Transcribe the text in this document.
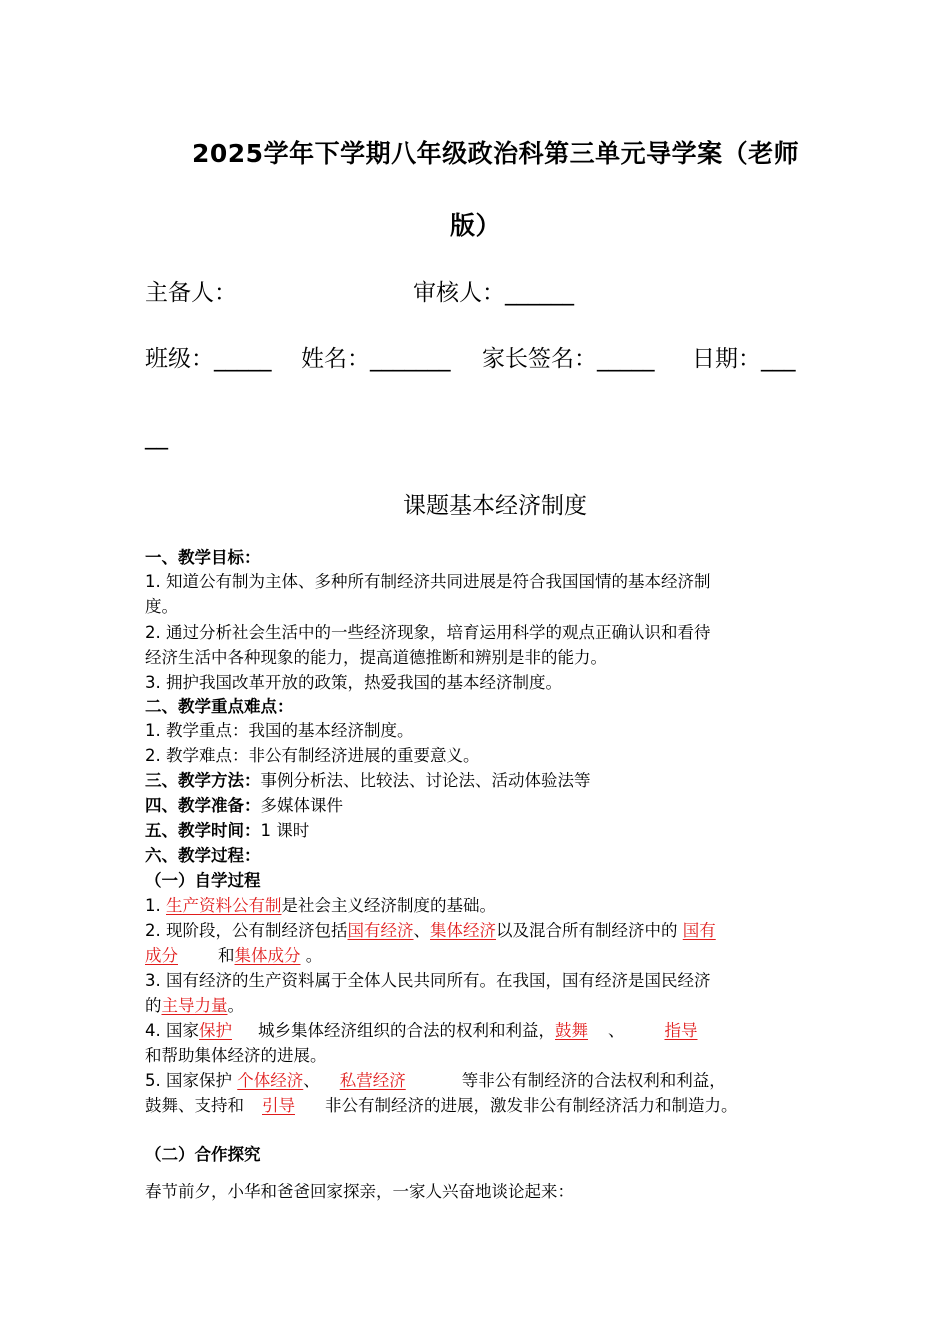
2025学年下学期八年级政治科第三单元导学案（老师
版）
主备人：	审核人：______
班级：_____ 姓名：_______ 家长签名：_____ 日期：___
__
课题基本经济制度
一、教学目标：
1. 知道公有制为主体、多种所有制经济共同进展是符合我国国情的基本经济制
度。
2. 通过分析社会生活中的一些经济现象，培育运用科学的观点正确认识和看待
经济生活中各种现象的能力，提高道德推断和辨别是非的能力。
3. 拥护我国改革开放的政策，热爱我国的基本经济制度。
二、教学重点难点：
1. 教学重点：我国的基本经济制度。
2. 教学难点：非公有制经济进展的重要意义。
三、教学方法：事例分析法、比较法、讨论法、活动体验法等
四、教学准备：多媒体课件
五、教学时间：1 课时
六、教学过程：
（一）自学过程
1. 生产资料公有制是社会主义经济制度的基础。
2. 现阶段，公有制经济包括国有经济、集体经济以及混合所有制经济中的 国有
成分 和集体成分 。
3. 国有经济的生产资料属于全体人民共同所有。在我国，国有经济是国民经济
的主导力量。
4. 国家保护 城乡集体经济组织的合法的权利和利益，鼓舞 、 指导
和帮助集体经济的进展。
5. 国家保护 个体经济、 私营经济	等非公有制经济的合法权利和利益，
鼓舞、支持和 引导 非公有制经济的进展，激发非公有制经济活力和制造力。
（二）合作探究
春节前夕，小华和爸爸回家探亲，一家人兴奋地谈论起来：
